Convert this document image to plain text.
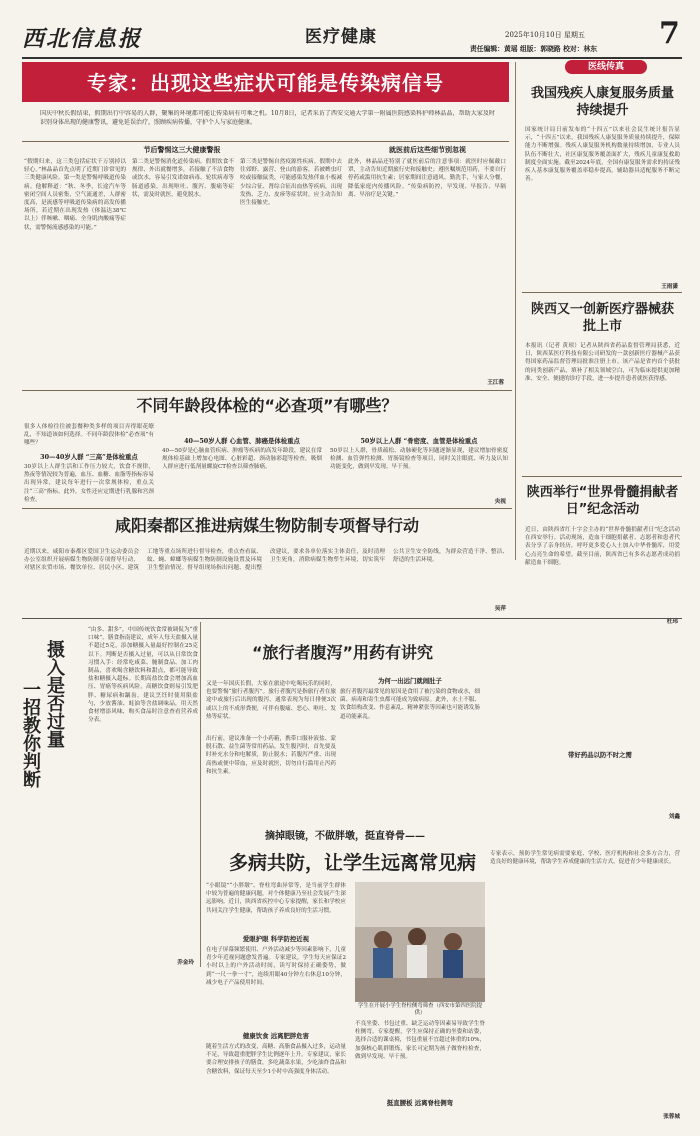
西北信息报	医疗健康	2025年10月10日 星期五
责任编辑：黄瑶 组版：郭晓路 校对：林东 7
专家：出现这些症状可能是传染病信号
国庆中秋长假结束，假期出行中容易的人群，聚集的环境都可能让传染病有可乘之机。10月8日，记者采访了西安交通大学第一附属医院感染科护师林晶晶，帮助大家及时识别身体出现的健康警讯，避免延误治疗，照顾疾病传播，守护个人与家庭健康。
节后警惕这三大健康警报	就医前后这些细节别忽视
“假期归来，这三类包括症状千万别掉以轻心。”林晶晶首先点明了近期门诊常见的三类健康风险。第一类是警惕呼吸道传染病。他解释道：“秋、冬季，长途汽车等密闭空间人员密集，空气流通差，人群密度高，是流感等呼吸道传染病的高发传播场所。若近期在出现发热（体温达38℃以上）伴咳嗽、咽痛、全身肌肉酸痛等症状，需警惕流感感染的可能。”
第二类是警惕消化道传染病。假期饮食不规律、外出就餐增多，若接触了不洁食物或饮水，容易引发诺如病毒、轮状病毒等肠道感染，出现呕吐、腹泻、腹痛等症状，需及时就医，避免脱水。
第三类是警惕自然疫源性疾病。假期中去往郊野、露营、登山的游客，若被蜱虫叮咬或接触鼠类，可能感染发热伴血小板减少综合征、肾综合征出血热等疾病，出现发热、乏力、皮疹等症状时，应主动告知医生接触史。
此外，林晶晶还特别了就医前后的注意事项：就医时应佩戴口罩，主动告知近期旅行史和接触史；遵医嘱规范用药，不要自行停药或滥用抗生素；居家期间注意通风、勤洗手，与家人分餐，降低家庭内传播风险。“传染病防控，早发现、早报告、早隔离、早治疗是关键。”
王江蓉
医线传真
我国残疾人康复服务质量持续提升
国家统计局日前发布的“十四五”以来社会民生统计报告显示，“十四五”以来，我国残疾人康复服务质量持续提升，保障能力不断增强。残疾人康复服务机构数量持续增加，专业人员队伍不断壮大，社区康复服务覆盖面扩大，残疾儿童康复救助制度全面实施。截至2024年底，全国有康复服务需求的持证残疾人基本康复服务覆盖率稳步提高，辅助器具适配服务不断完善。
王雨潇
陕西又一创新医疗器械获批上市
本报讯（记者 黄琼）记者从陕西省药品监督管理局获悉，近日，陕西某医疗科技有限公司研发的一款创新医疗器械产品获得国家药品监督管理局批准注册上市。该产品是省内首个获批的同类创新产品，填补了相关领域空白，可为临床提供更加精准、安全、便捷的诊疗手段，进一步提升患者就医获得感。
陕西举行“世界骨髓捐献者日”纪念活动
近日，由陕西省红十字会主办的“世界骨髓捐献者日”纪念活动在西安举行。活动现场，造血干细胞捐献者、志愿者和患者代表分享了亲身经历，呼吁更多爱心人士加入中华骨髓库，用爱心点亮生命的希望。截至目前，陕西省已有多名志愿者成功捐献造血干细胞。
杜玮
不同年龄段体检的“必查项”有哪些？
很多人体检往往被套餐种类多样的项目弄得眼花缭乱，不知道该如何选择。不同年龄段体检“必查项”有哪些？
30—40岁人群 “三高”是体检重点
40—50岁人群 心血管、肺癌是体检重点	50岁以上人群 “骨密度、血管是体检重点
30岁以上人群生活和工作压力较大，饮食不规律，熬夜等情况较为普遍，血压、血糖、血脂等指标容易出现异常，建议每年进行一次常规体检，重点关注“三高”指标。此外，女性还应定期进行乳腺和宫颈检查。
40—50岁是心脑血管疾病、肿瘤等疾病的高发年龄段，建议在常规体检基础上增加心电图、心脏彩超、颈动脉彩超等检查，吸烟人群应进行低剂量螺旋CT检查以筛查肺癌。
50岁以上人群，骨质疏松、动脉硬化等问题逐渐显现，建议增加骨密度检测、血管弹性检测、胃肠镜检查等项目，同时关注眼底、听力及认知功能变化，做到早发现、早干预。
央视
咸阳秦都区推进病媒生物防制专项督导行动
近期以来，咸阳市秦都区爱国卫生运动委员会办公室组织开展病媒生物防制专项督导行动，对辖区农贸市场、餐饮单位、居民小区、建筑工地等重点场所进行督导检查，重点查看鼠、蚊、蝇、蟑螂等病媒生物防制设施设置及环境卫生整治情况。督导组现场指出问题、提出整改建议，要求各单位落实主体责任，及时清理卫生死角，消除病媒生物孳生环境，切实筑牢公共卫生安全防线，为群众营造干净、整洁、舒适的生活环境。
吴萍
一招教你判断 摄入是否过量
“由多、甜多”，中国传统饮食常被调侃为“重口味”。膳食指南建议，成年人每天盐摄入量不超过5克，添加糖摄入量最好控制在25克以下。判断是否摄入过量，可以从日常饮食习惯入手：经常吃咸菜、腌制食品、加工肉制品，喜欢喝含糖饮料和甜点，都可能导致盐和糖摄入超标。长期高盐饮食会增加高血压、胃癌等疾病风险，高糖饮食则易引发肥胖、糖尿病和龋齿。建议烹饪时使用限盐勺，少放酱油、蚝油等含盐调味品，用天然食材增添风味，购买食品时注意查看营养成分表。
乔金玲
“旅行者腹泻”用药有讲究
又是一年国庆长假，大家在旅途中吃喝玩乐的同时，也要警惕“旅行者腹泻”。旅行者腹泻是指旅行者在旅途中或旅行后出现的腹泻，通常表现为每日排便3次或以上的不成形粪便，可伴有腹痛、恶心、呕吐、发热等症状。
为何一出远门就闹肚子
旅行者腹泻最常见的原因是食用了被污染的食物或水，细菌、病毒和寄生虫都可能成为致病原。此外，水土不服、饮食结构改变、作息紊乱、精神紧张等因素也可能诱发肠道功能紊乱。
出行前，建议准备一个小药箱，携带口服补液盐、蒙脱石散、益生菌等常用药品。发生腹泻时，首先要及时补充水分和电解质，防止脱水；若腹泻严重、出现高热或便中带血，应及时就医，切勿自行滥用止泻药和抗生素。
带好药品以防不时之需
刘鑫
摘掉眼镜，不做胖墩，挺直脊骨——
多病共防，让学生远离常见病
学生在开展小学生脊柱侧弯筛查（西安市第四医院提供）
“小眼镜”“小胖墩”、脊柱弯曲异常等，是当前学生群体中较为普遍的健康问题，对个体健康乃至社会发展产生深远影响。近日，陕西省疾控中心专家提醒，家长和学校应共同关注学生健康，帮助孩子养成良好的生活习惯。
爱眼护眼 科学防控近视
在电子屏幕频繁使用、户外活动减少等因素影响下，儿童青少年近视问题愈发普遍。专家建议，学生每天应保证2小时以上的户外活动时间，读写时保持正确姿势，做到“一尺一拳一寸”，连续用眼40分钟左右休息10分钟，减少电子产品使用时间。
健康饮食 远离肥胖危害
随着生活方式的改变，高糖、高脂食品摄入过多，运动量不足，导致超重肥胖学生比例逐年上升。专家建议，家长要合理安排孩子的膳食，多吃蔬菜水果，少吃油炸食品和含糖饮料，保证每天至少1小时中高强度身体活动。
不良坐姿、书包过重、缺乏运动等因素易导致学生脊柱侧弯。专家提醒，学生应保持正确的坐姿和站姿，选择合适的课桌椅，书包重量不宜超过体重的10%，加强核心肌群锻炼，家长可定期为孩子做脊柱检查，做到早发现、早干预。
挺直腰板 远离脊柱侧弯
专家表示，预防学生常见病需要家庭、学校、医疗机构和社会多方合力，营造良好的健康环境，帮助学生养成健康的生活方式，促进青少年健康成长。
张蓉城
